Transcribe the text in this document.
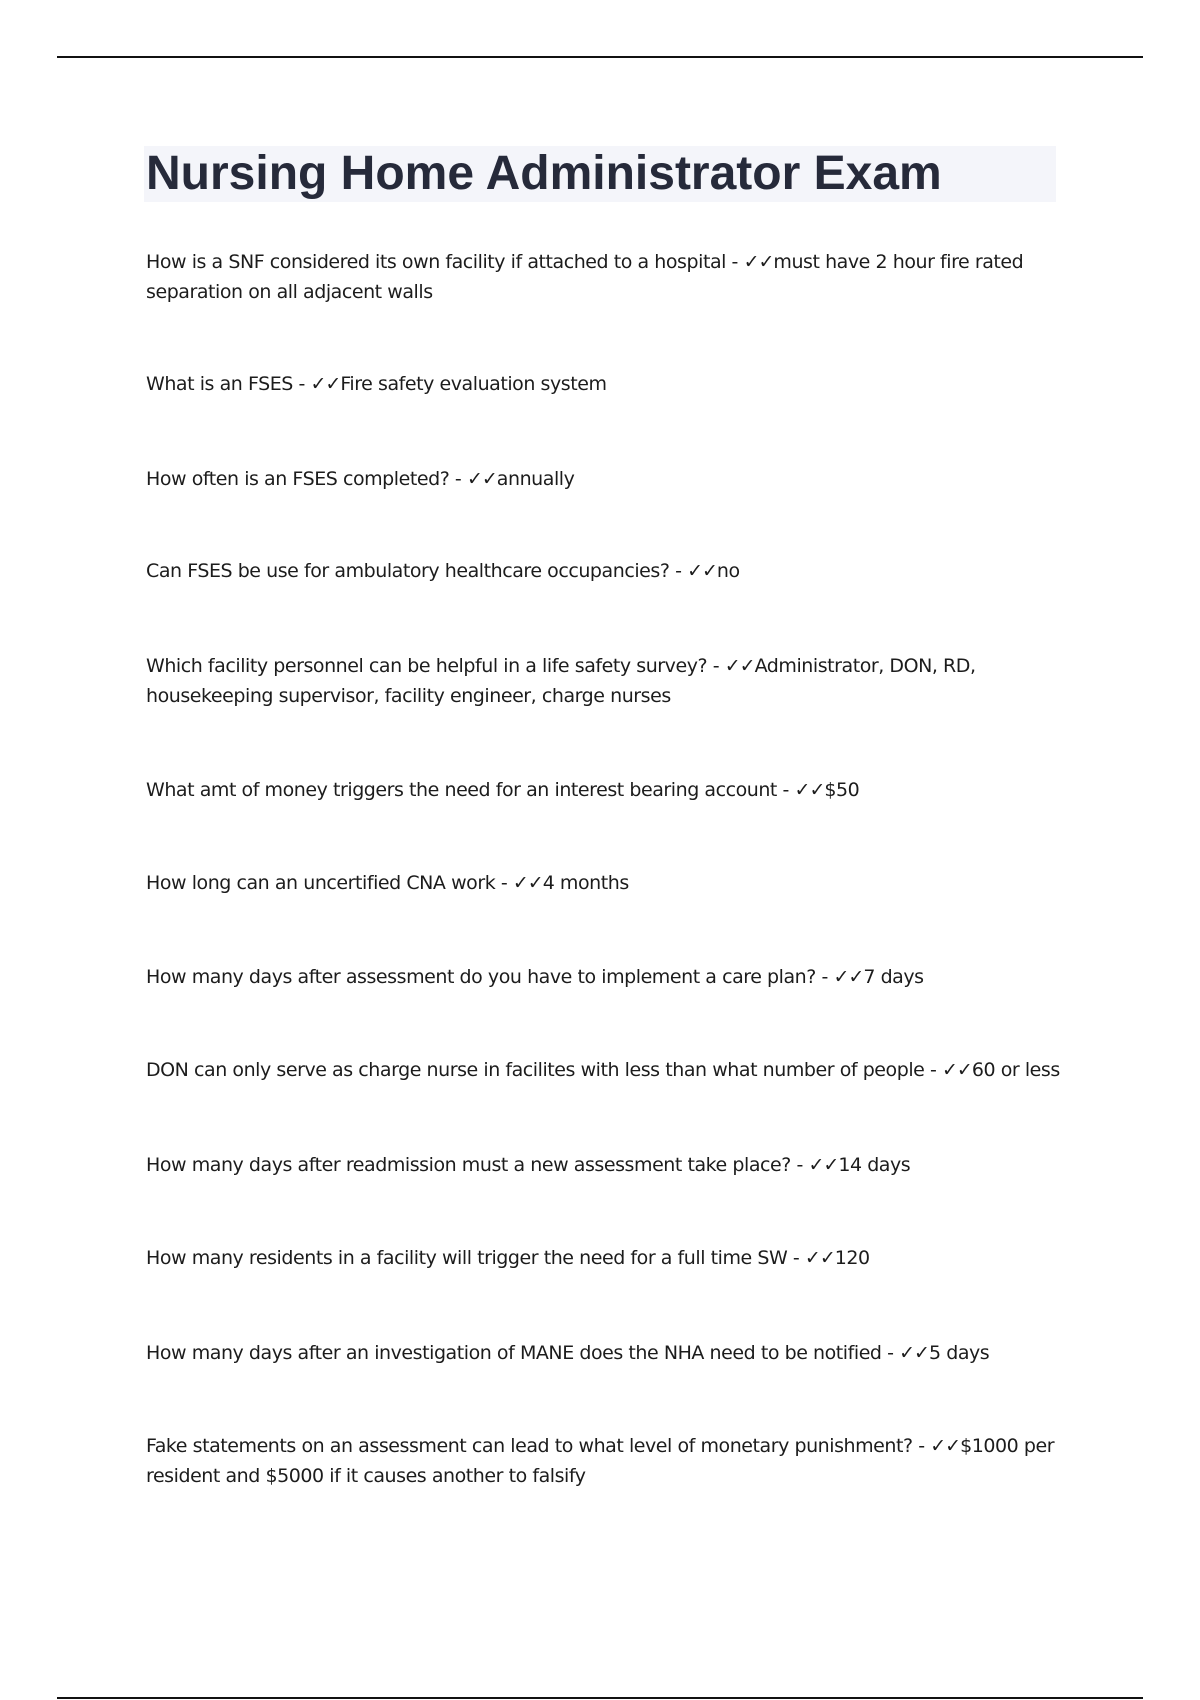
Nursing Home Administrator Exam
How is a SNF considered its own facility if attached to a hospital - ✓✓must have 2 hour fire rated separation on all adjacent walls
What is an FSES - ✓✓Fire safety evaluation system
How often is an FSES completed? - ✓✓annually
Can FSES be use for ambulatory healthcare occupancies? - ✓✓no
Which facility personnel can be helpful in a life safety survey? - ✓✓Administrator, DON, RD, housekeeping supervisor, facility engineer, charge nurses
What amt of money triggers the need for an interest bearing account - ✓✓$50
How long can an uncertified CNA work - ✓✓4 months
How many days after assessment do you have to implement a care plan? - ✓✓7 days
DON can only serve as charge nurse in facilites with less than what number of people - ✓✓60 or less
How many days after readmission must a new assessment take place? - ✓✓14 days
How many residents in a facility will trigger the need for a full time SW - ✓✓120
How many days after an investigation of MANE does the NHA need to be notified - ✓✓5 days
Fake statements on an assessment can lead to what level of monetary punishment? - ✓✓$1000 per resident and $5000 if it causes another to falsify
